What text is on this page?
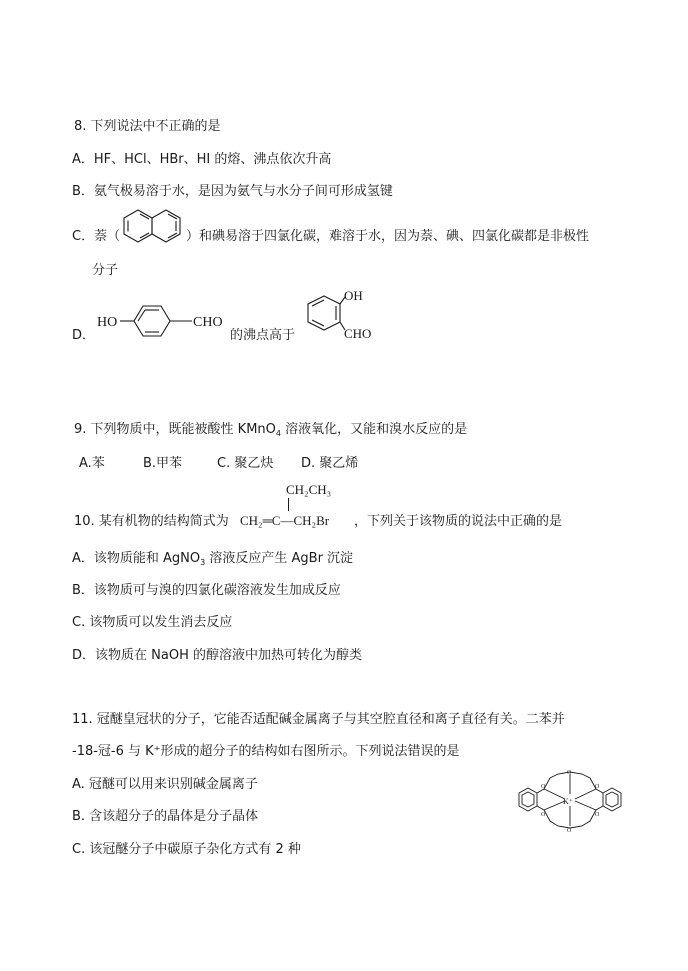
8. 下列说法中不正确的是
A．HF、HCl、HBr、HI 的熔、沸点依次升高
B．氨气极易溶于水，是因为氨气与水分子间可形成氢键
C．萘（	）和碘易溶于四氯化碳，难溶于水，因为萘、碘、四氯化碳都是非极性
分子
D．
HO	CHO
的沸点高于
OH
CHO
9. 下列物质中，既能被酸性 KMnO$_4$ 溶液氧化，又能和溴水反应的是
A.苯	B.甲苯	C. 聚乙炔 D. 聚乙烯
10. 某有机物的结构简式为
CH₂CH₃
CH₂═C—CH₂Br ，下列关于该物质的说法中正确的是
A．该物质能和 AgNO$_3$ 溶液反应产生 AgBr 沉淀
B．该物质可与溴的四氯化碳溶液发生加成反应
C. 该物质可以发生消去反应
D．该物质在 NaOH 的醇溶液中加热可转化为醇类
11. 冠醚皇冠状的分子，它能否适配碱金属离子与其空腔直径和离子直径有关。二苯并
-18-冠-6 与 K⁺形成的超分子的结构如右图所示。下列说法错误的是
A. 冠醚可以用来识别碱金属离子
B. 含该超分子的晶体是分子晶体
C. 该冠醚分子中碳原子杂化方式有 2 种
K⁺
O
O
O
O
O
O
